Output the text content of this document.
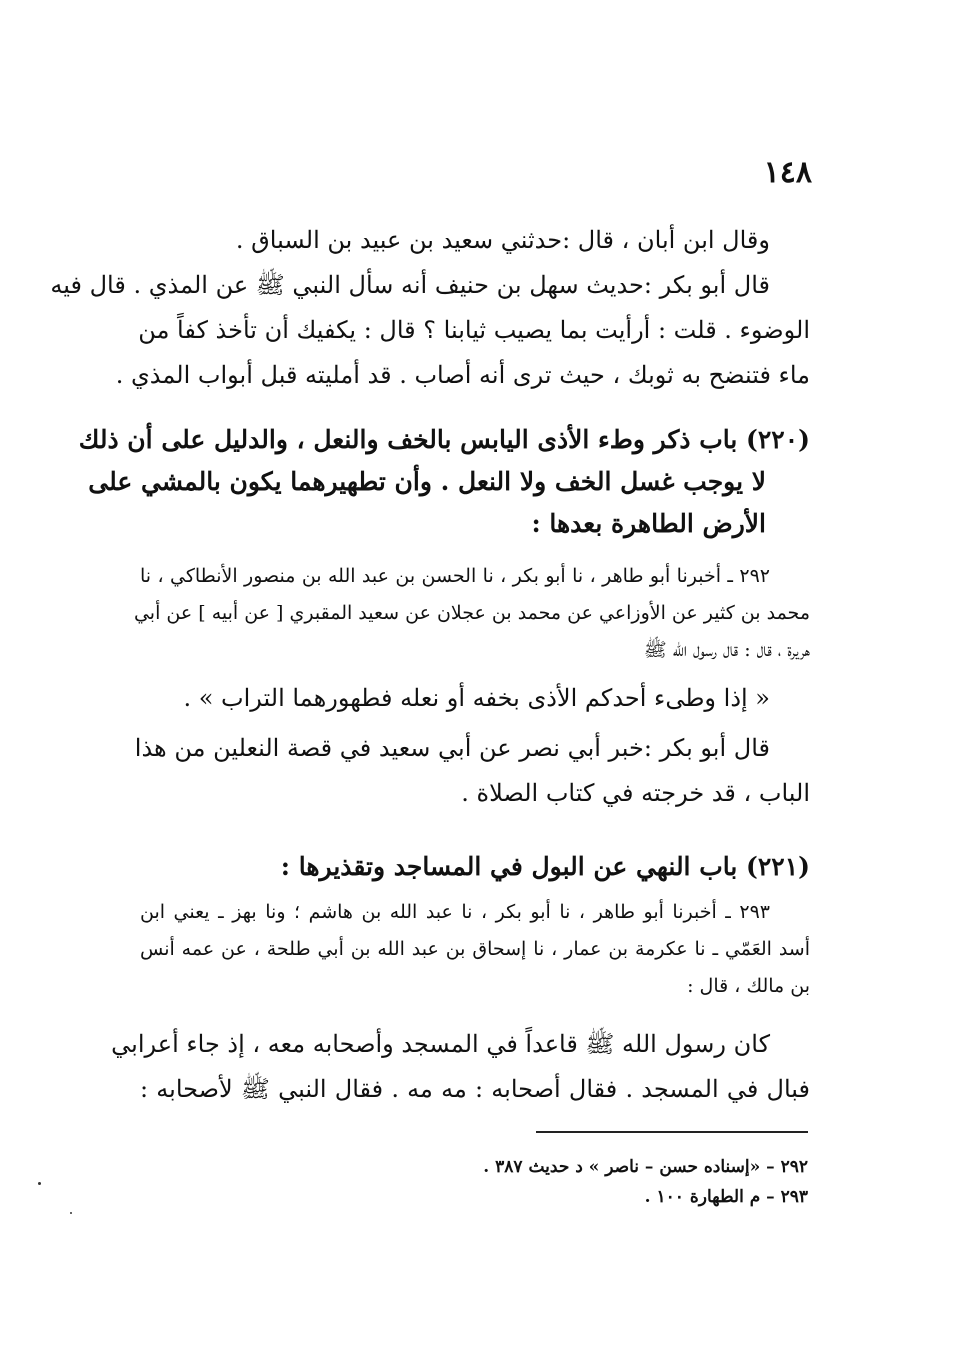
١٤٨
وقال ابن أبان ، قال :حدثني سعيد بن عبيد بن السباق .
قال أبو بكر :حديث سهل بن حنيف أنه سأل النبي ﷺ عن المذي . قال فيه
الوضوء . قلت : أرأيت بما يصيب ثيابنا ؟ قال : يكفيك أن تأخذ كفاً من
ماء فتنضح به ثوبك ، حيث ترى أنه أصاب . قد أمليته قبل أبواب المذي .
(٢٢٠) باب ذكر وطء الأذى اليابس بالخف والنعل ، والدليل على أن ذلك
لا يوجب غسل الخف ولا النعل . وأن تطهيرهما يكون بالمشي على
الأرض الطاهرة بعدها :
٢٩٢ ـ أخبرنا أبو طاهر ، نا أبو بكر ، نا الحسن بن عبد الله بن منصور الأنطاكي ، نا
محمد بن كثير عن الأوزاعي عن محمد بن عجلان عن سعيد المقبري [ عن أبيه ] عن أبي
هريرة ، قال : قال رسول الله ﷺ
« إذا وطىء أحدكم الأذى بخفه أو نعله فطهورهما التراب » .
قال أبو بكر :خبر أبي نصر عن أبي سعيد في قصة النعلين من هذا
الباب ، قد خرجته في كتاب الصلاة .
(٢٢١) باب النهي عن البول في المساجد وتقذيرها :
٢٩٣ ـ أخبرنا أبو طاهر ، نا أبو بكر ، نا عبد الله بن هاشم ؛ ونا بهز ـ يعني ابن
أسد العَمّي ـ نا عكرمة بن عمار ، نا إسحاق بن عبد الله بن أبي طلحة ، عن عمه أنس
بن مالك ، قال :
كان رسول الله ﷺ قاعداً في المسجد وأصحابه معه ، إذ جاء أعرابي
فبال في المسجد . فقال أصحابه : مه مه . فقال النبي ﷺ لأصحابه :
٢٩٢ – «إسناده حسن – ناصر » د حديث ٣٨٧ .
٢٩٣ – م الطهارة ١٠٠ .
